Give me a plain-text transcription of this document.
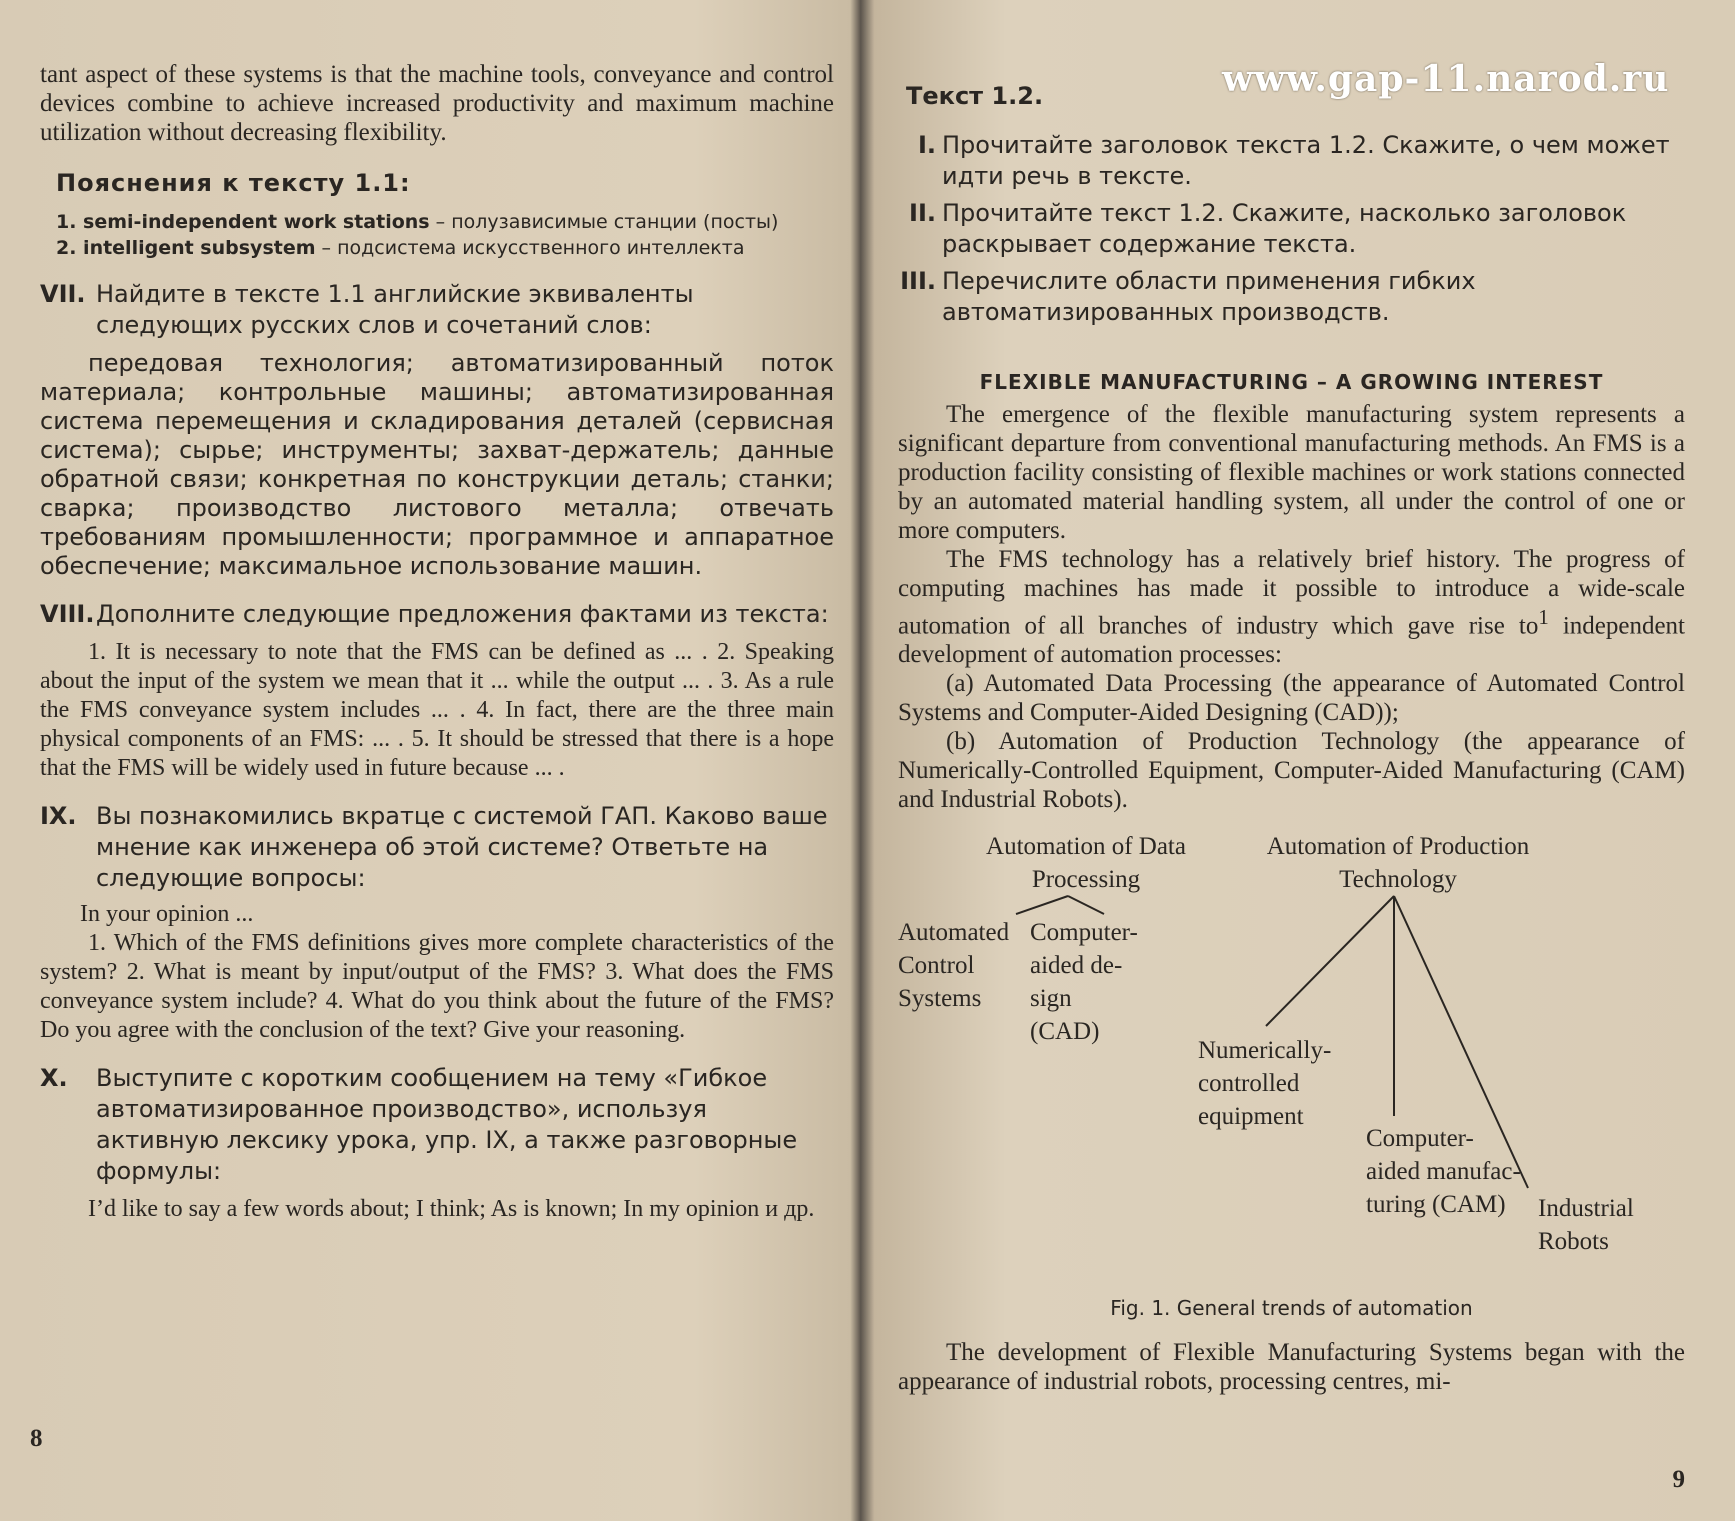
tant aspect of these systems is that the machine tools, conveyance and control devices combine to achieve increased productivity and maximum machine utilization without decreasing flexibility.

Пояснения к тексту 1.1:

1. semi-independent work stations – полузависимые станции (посты)
2. intelligent subsystem – подсистема искусственного интеллекта

VII. Найдите в тексте 1.1 английские эквиваленты следующих русских слов и сочетаний слов:

передовая технология; автоматизированный поток материала; контрольные машины; автоматизированная система перемещения и складирования деталей (сервисная система); сырье; инструменты; захват-держатель; данные обратной связи; конкретная по конструкции деталь; станки; сварка; производство листового металла; отвечать требованиям промышленности; программное и аппаратное обеспечение; максимальное использование машин.

VIII.Дополните следующие предложения фактами из текста:

1. It is necessary to note that the FMS can be defined as ... . 2. Speaking about the input of the system we mean that it ... while the output ... . 3. As a rule the FMS conveyance system includes ... . 4. In fact, there are the three main physical components of an FMS: ... . 5. It should be stressed that there is a hope that the FMS will be widely used in future because ... .

IX. Вы познакомились вкратце с системой ГАП. Каково ваше мнение как инженера об этой системе? Ответьте на следующие вопросы:

In your opinion ...

1. Which of the FMS definitions gives more complete characteristics of the system? 2. What is meant by input/output of the FMS? 3. What does the FMS conveyance system include? 4. What do you think about the future of the FMS? Do you agree with the conclusion of the text? Give your reasoning.

X. Выступите с коротким сообщением на тему «Гибкое автоматизированное производство», используя активную лексику урока, упр. IX, а также разговорные формулы:

I’d like to say a few words about; I think; As is known; In my opinion и др.

8
www.gap-11.narod.ru

Текст 1.2.

I. Прочитайте заголовок текста 1.2. Скажите, о чем может идти речь в тексте.

II. Прочитайте текст 1.2. Скажите, насколько заголовок раскрывает содержание текста.

III. Перечислите области применения гибких автоматизированных производств.

FLEXIBLE MANUFACTURING – A GROWING INTEREST

The emergence of the flexible manufacturing system represents a significant departure from conventional manufacturing methods. An FMS is a production facility consisting of flexible machines or work stations connected by an automated material handling system, all under the control of one or more computers.

The FMS technology has a relatively brief history. The progress of computing machines has made it possible to introduce a wide-scale automation of all branches of industry which gave rise $to^1$ independent development of automation processes:

(a) Automated Data Processing (the appearance of Automated Control Systems and Computer-Aided Designing (CAD));

(b) Automation of Production Technology (the appearance of Numerically-Controlled Equipment, Computer-Aided Manufacturing (CAM) and Industrial Robots).

Automation of Data
Processing
Automation of Production
Technology
Automated
Control
Systems
Computer-
aided de-
sign
(CAD)
Numerically-
controlled
equipment
Computer-
aided manufac-
turing (CAM)	Industrial
Robots
Fig. 1. General trends of automation

The development of Flexible Manufacturing Systems began with the appearance of industrial robots, processing centres, mi-

9
